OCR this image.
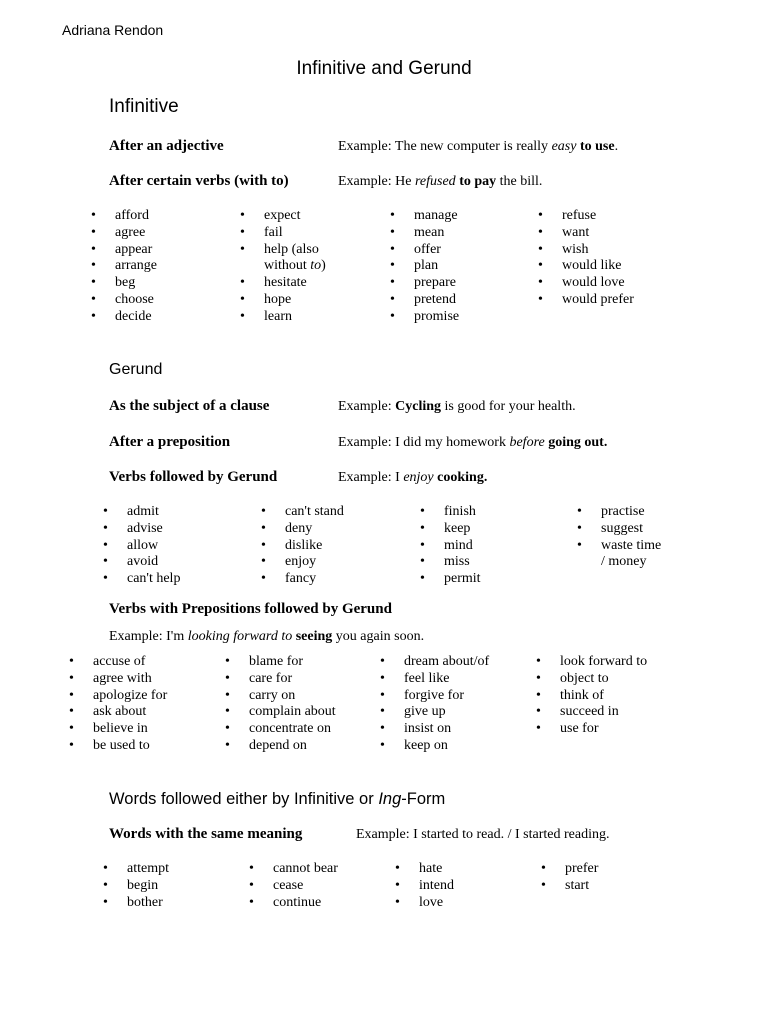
Adriana Rendon
Infinitive and Gerund
Infinitive
After an adjective	Example: The new computer is really easy to use.
After certain verbs (with to)	Example: He refused to pay the bill.
• afford
• agree
• appear
• arrange
• beg
• choose
• decide
• expect
• fail
• help (also
without to)
• hesitate
• hope
• learn
• manage
• mean
• offer
• plan
• prepare
• pretend
• promise
• refuse
• want
• wish
• would like
• would love
• would prefer
Gerund
As the subject of a clause	Example: Cycling is good for your health.
After a preposition	Example: I did my homework before going out.
Verbs followed by Gerund	Example: I enjoy cooking.
• admit
• advise
• allow
• avoid
• can't help
• can't stand
• deny
• dislike
• enjoy
• fancy
• finish
• keep
• mind
• miss
• permit
• practise
• suggest
• waste time
/ money
Verbs with Prepositions followed by Gerund
Example: I'm looking forward to seeing you again soon.
• accuse of
• agree with
• apologize for
• ask about
• believe in
• be used to
• blame for
• care for
• carry on
• complain about
• concentrate on
• depend on
• dream about/of
• feel like
• forgive for
• give up
• insist on
• keep on
• look forward to
• object to
• think of
• succeed in
• use for
Words followed either by Infinitive or Ing-Form
Words with the same meaning	Example: I started to read. / I started reading.
• attempt
• begin
• bother
• cannot bear
• cease
• continue
• hate
• intend
• love
• prefer
• start
